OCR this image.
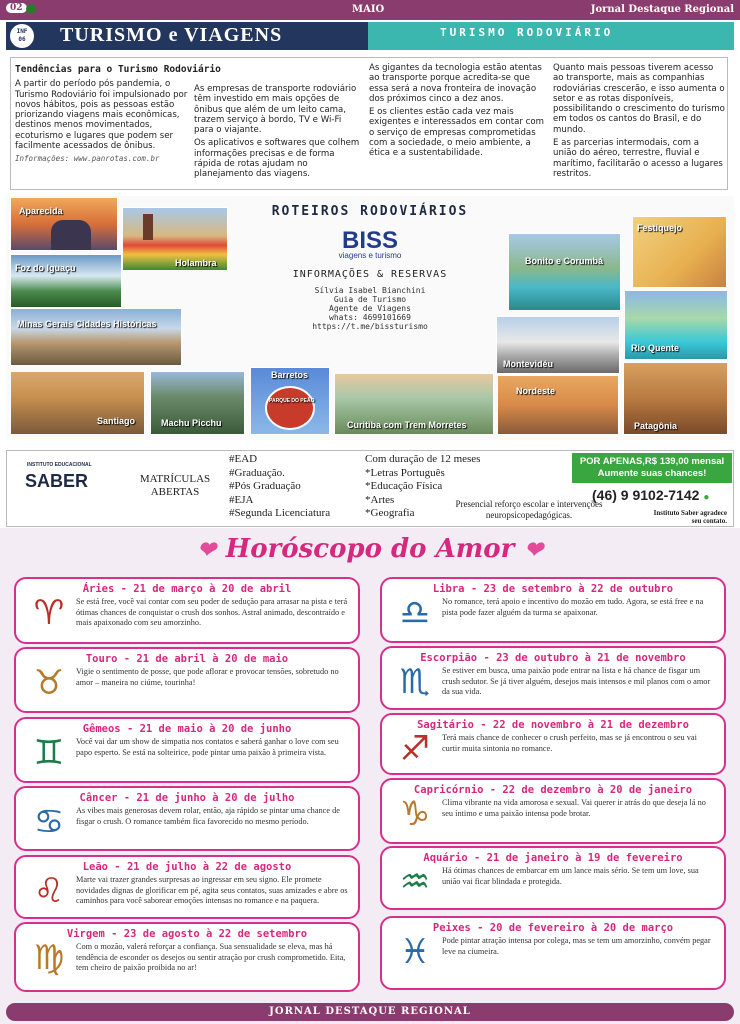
02	MAIO	Jornal Destaque Regional
INF
06	TURISMO e VIAGENS	TURISMO RODOVIÁRIO
Tendências para o Turismo Rodoviário

A partir do período pós pandemia, o Turismo Rodoviário foi impulsionado por novos hábitos, pois as pessoas estão priorizando viagens mais econômicas, destinos menos movimentados, ecoturismo e lugares que podem ser facilmente acessados de ônibus.

Informações: www.panrotas.com.br

As empresas de transporte rodoviário têm investido em mais opções de ônibus que além de um leito cama, trazem serviço à bordo, TV e Wi-Fi para o viajante.

Os aplicativos e softwares que colhem informações precisas e de forma rápida de rotas ajudam no planejamento das viagens.

As gigantes da tecnologia estão atentas ao transporte porque acredita-se que essa será a nova fronteira de inovação dos próximos cinco a dez anos.

E os clientes estão cada vez mais exigentes e interessados em contar com o serviço de empresas comprometidas com a sociedade, o meio ambiente, a ética e a sustentabilidade.

Quanto mais pessoas tiverem acesso ao transporte, mais as companhias rodoviárias crescerão, e isso aumenta o setor e as rotas disponíveis, possibilitando o crescimento do turismo em todos os cantos do Brasil, e do mundo.

E as parcerias intermodais, com a união do aéreo, terrestre, fluvial e marítimo, facilitarão o acesso a lugares restritos.

Aparecida
Holambra
Foz do Iguaçu
Minas Gerais Cidades Históricas
Santiago	Machu Picchu
Barretos
PARQUE DO PEÃO
Curitiba com Trem Morretes
Bonito e Corumbá
Festiquejo
Rio Quente
Montevidéu
Nordeste
Patagônia
ROTEIROS RODOVIÁRIOS
BISS
viagens e turismo
INFORMAÇÕES & RESERVAS
Sílvia Isabel Bianchini
Guia de Turismo
Agente de Viagens
whats: 4699101669
https://t.me/bissturismo
INSTITUTO EDUCACIONAL
SABER	MATRÍCULAS ABERTAS
#EAD
#Graduação.
#Pós Graduação
#EJA
#Segunda Licenciatura
Com duração de 12 meses
*Letras Português
*Educação Física
*Artes
*Geografia
Presencial reforço escolar e intervenções neuropsicopedagógicas.
POR APENAS,R$ 139,00 mensal Aumente suas chances!
(46) 9 9102-7142 ●
Instituto Saber agradece seu contato.
❤ Horóscopo do Amor ❤
Áries - 21 de março à 20 de abril
♈	Se está free, você vai contar com seu poder de sedução para arrasar na pista e terá ótimas chances de conquistar o crush dos sonhos. Astral animado, descontraído e mais apaixonado com seu amorzinho.
Touro - 21 de abril à 20 de maio
♉	Vigie o sentimento de posse, que pode aflorar e provocar tensões, sobretudo no amor – maneira no ciúme, tourinha!
Gêmeos - 21 de maio à 20 de junho
♊	Você vai dar um show de simpatia nos contatos e saberá ganhar o love com seu papo esperto. Se está na solteirice, pode pintar uma paixão à primeira vista.
Câncer - 21 de junho à 20 de julho
♋	As vibes mais generosas devem rolar, então, aja rápido se pintar uma chance de fisgar o crush. O romance também fica favorecido no mesmo período.
Leão - 21 de julho à 22 de agosto
♌	Marte vai trazer grandes surpresas ao ingressar em seu signo. Ele promete novidades dignas de glorificar em pé, agita seus contatos, suas amizades e abre os caminhos para você saborear emoções intensas no romance e na paquera.
Virgem - 23 de agosto à 22 de setembro
♍	Com o mozão, valerá reforçar a confiança. Sua sensualidade se eleva, mas há tendência de esconder os desejos ou sentir atração por crush comprometido. Eita, tem cheiro de paixão proibida no ar!
Libra - 23 de setembro à 22 de outubro
♎	No romance, terá apoio e incentivo do mozão em tudo. Agora, se está free e na pista pode fazer alguém da turma se apaixonar.
Escorpião - 23 de outubro à 21 de novembro
♏	Se estiver em busca, uma paixão pode entrar na lista e há chance de fisgar um crush sedutor. Se já tiver alguém, desejos mais intensos e mil planos com o amor da sua vida.
Sagitário - 22 de novembro à 21 de dezembro
♐	Terá mais chance de conhecer o crush perfeito, mas se já encontrou o seu vai curtir muita sintonia no romance.
Capricórnio - 22 de dezembro à 20 de janeiro
♑	Clima vibrante na vida amorosa e sexual. Vai querer ir atrás do que deseja lá no seu íntimo e uma paixão intensa pode brotar.
Aquário - 21 de janeiro à 19 de fevereiro
♒	Há ótimas chances de embarcar em um lance mais sério. Se tem um love, sua união vai ficar blindada e protegida.
Peixes - 20 de fevereiro à 20 de março
♓	Pode pintar atração intensa por colega, mas se tem um amorzinho, convém pegar leve na ciumeira.
JORNAL DESTAQUE REGIONAL
